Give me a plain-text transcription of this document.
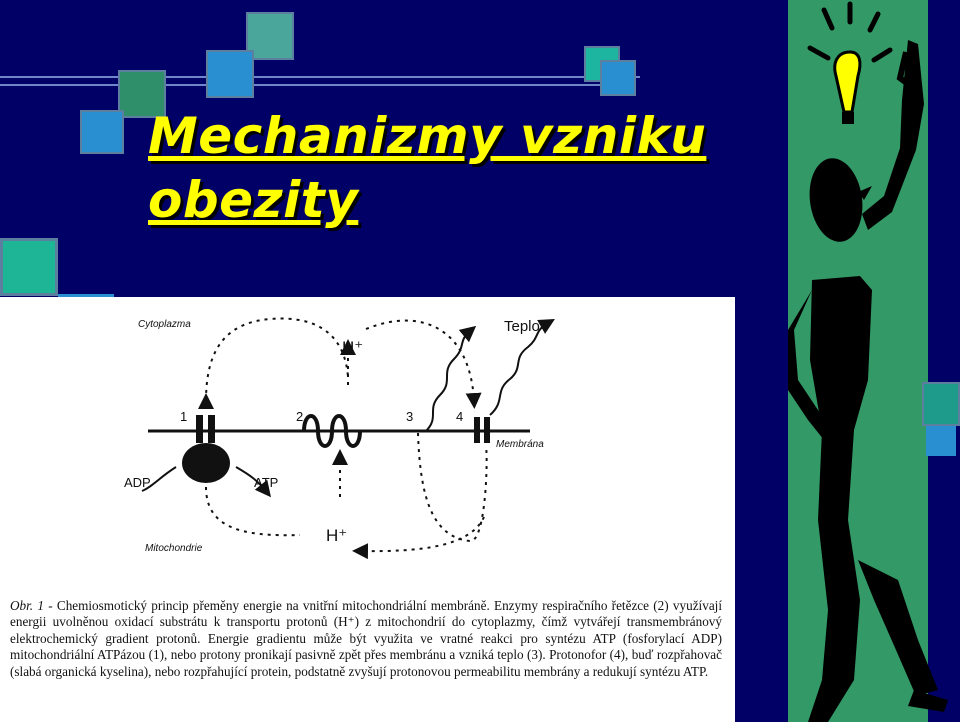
Mechanizmy vzniku
obezity
Cytoplazma
Mitochondrie
Membrána
Teplo
H⁺
H⁺
ADP	ATP
1	2	3	4

Obr. 1 - Chemiosmotický princip přeměny energie na vnitřní mitochondriální membráně. Enzymy respiračního řetězce (2) využívají energii uvolněnou oxidací substrátu k transportu protonů (H⁺) z mitochondrií do cytoplazmy, čímž vytvářejí transmembránový elektrochemický gradient protonů. Energie gradientu může být využita ve vratné reakci pro syntézu ATP (fosforylací ADP) mitochondriální ATPázou (1), nebo protony pronikají pasivně zpět přes membránu a vzniká teplo (3). Protonofor (4), buď rozpřahovač (slabá organická kyselina), nebo rozpřahující protein, podstatně zvyšují protonovou permeabilitu membrány a redukují syntézu ATP.
